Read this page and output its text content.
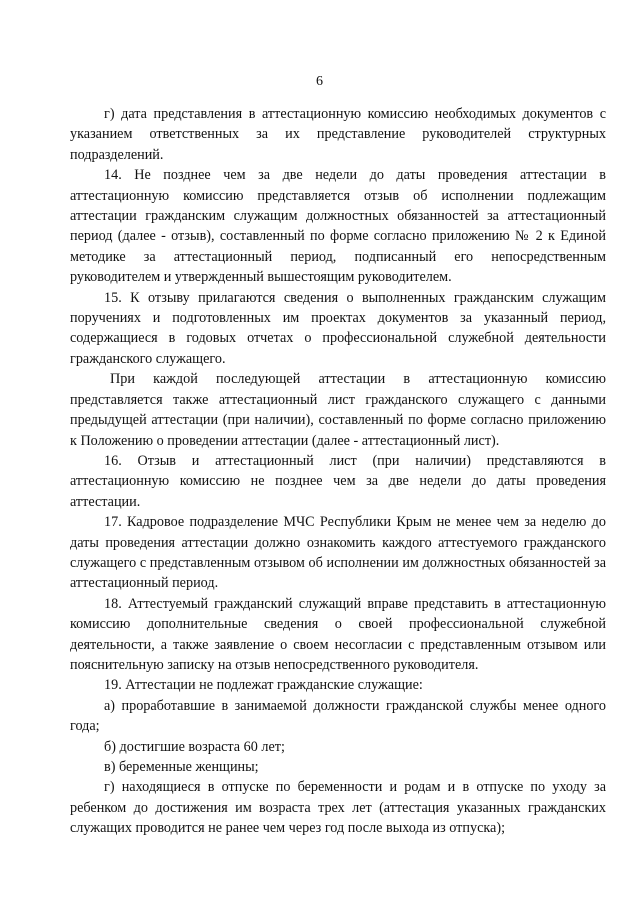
6

г) дата представления в аттестационную комиссию необходимых документов с указанием ответственных за их представление руководителей структурных подразделений.

14. Не позднее чем за две недели до даты проведения аттестации в аттестационную комиссию представляется отзыв об исполнении подлежащим аттестации гражданским служащим должностных обязанностей за аттестационный период (далее - отзыв), составленный по форме согласно приложению № 2 к Единой методике за аттестационный период, подписанный его непосредственным руководителем и утвержденный вышестоящим руководителем.

15. К отзыву прилагаются сведения о выполненных гражданским служащим поручениях и подготовленных им проектах документов за указанный период, содержащиеся в годовых отчетах о профессиональной служебной деятельности гражданского служащего.

При каждой последующей аттестации в аттестационную комиссию представляется также аттестационный лист гражданского служащего с данными предыдущей аттестации (при наличии), составленный по форме согласно приложению к Положению о проведении аттестации (далее - аттестационный лист).

16. Отзыв и аттестационный лист (при наличии) представляются в аттестационную комиссию не позднее чем за две недели до даты проведения аттестации.

17. Кадровое подразделение МЧС Республики Крым не менее чем за неделю до даты проведения аттестации должно ознакомить каждого аттестуемого гражданского служащего с представленным отзывом об исполнении им должностных обязанностей за аттестационный период.

18. Аттестуемый гражданский служащий вправе представить в аттестационную комиссию дополнительные сведения о своей профессиональной служебной деятельности, а также заявление о своем несогласии с представленным отзывом или пояснительную записку на отзыв непосредственного руководителя.

19. Аттестации не подлежат гражданские служащие:

а) проработавшие в занимаемой должности гражданской службы менее одного года;

б) достигшие возраста 60 лет;

в) беременные женщины;

г) находящиеся в отпуске по беременности и родам и в отпуске по уходу за ребенком до достижения им возраста трех лет (аттестация указанных гражданских служащих проводится не ранее чем через год после выхода из отпуска);
